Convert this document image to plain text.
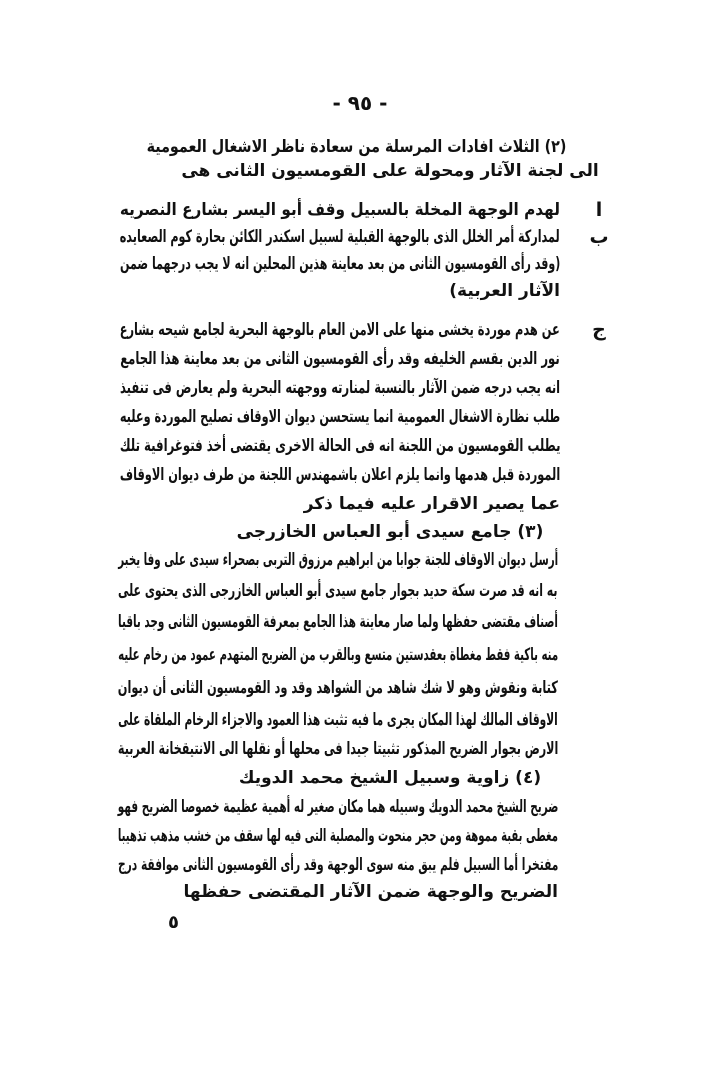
- ٩٥ -
(٢) الثلاث افادات المرسلة من سعادة ناظر الاشغال العمومية
الى لجنة الآثار ومحولة على القومسيون الثانى هى
ا
لهدم الوجهة المخلة بالسبيل وقف أبو اليسر بشارع النصريه
ب
لمداركة أمر الخلل الذى بالوجهة القبلية لسبيل اسكندر الكائن بحارة كوم الصعايده
(وقد رأى القومسيون الثانى من بعد معاينة هذين المحلين انه لا يجب درجهما ضمن
الآثار العربية)
ج
عن هدم موردة يخشى منها على الامن العام بالوجهة البحرية لجامع شيحه بشارع
نور الدين بقسم الخليفه وقد رأى القومسيون الثانى من بعد معاينة هذا الجامع
انه يجب درجه ضمن الآثار بالنسبة لمنارته ووجهته البحرية ولم يعارض فى تنفيذ
طلب نظارة الاشغال العمومية انما يستحسن ديوان الاوقاف تصليح الموردة وعليه
يطلب القومسيون من اللجنة انه فى الحالة الاخرى يقتضى أخذ فتوغرافية تلك
الموردة قبل هدمها وانما يلزم اعلان باشمهندس اللجنة من طرف ديوان الاوقاف
عما يصير الاقرار عليه فيما ذكر
(٣) جامع سيدى أبو العباس الخازرجى
أرسل ديوان الاوقاف للجنة جوابا من ابراهيم مرزوق التربى بصحراء سيدى على وفا يخبر
به انه قد صرت سكة حديد بجوار جامع سيدى أبو العباس الخازرجى الذى يحتوى على
أصناف مقتضى حفظها ولما صار معاينة هذا الجامع بمعرفة القومسيون الثانى وجد باقيا
منه باكية فقط مغطاة بعقدستين متسع وبالقرب من الضريح المتهدم عمود من رخام عليه
كتابة ونقوش وهو لا شك شاهد من الشواهد وقد ود القومسيون الثانى أن ديوان
الاوقاف المالك لهذا المكان يجرى ما فيه تثبت هذا العمود والاجزاء الرخام الملقاة على
الارض بجوار الضريح المذكور تثبيتا جيدا فى محلها أو نقلها الى الانتيقخانة العربية
(٤) زاوية وسبيل الشيخ محمد الدويك
ضريح الشيخ محمد الدويك وسبيله هما مكان صغير له أهمية عظيمة خصوصا الضريح فهو
مغطى بقبة مموهة ومن حجر منحوت والمصلية التى فيه لها سقف من خشب مذهب تذهيبا
مفتخرا أما السبيل فلم يبق منه سوى الوجهة وقد رأى القومسيون الثانى موافقة درج
الضريح والوجهة ضمن الآثار المقتضى حفظها
٥
